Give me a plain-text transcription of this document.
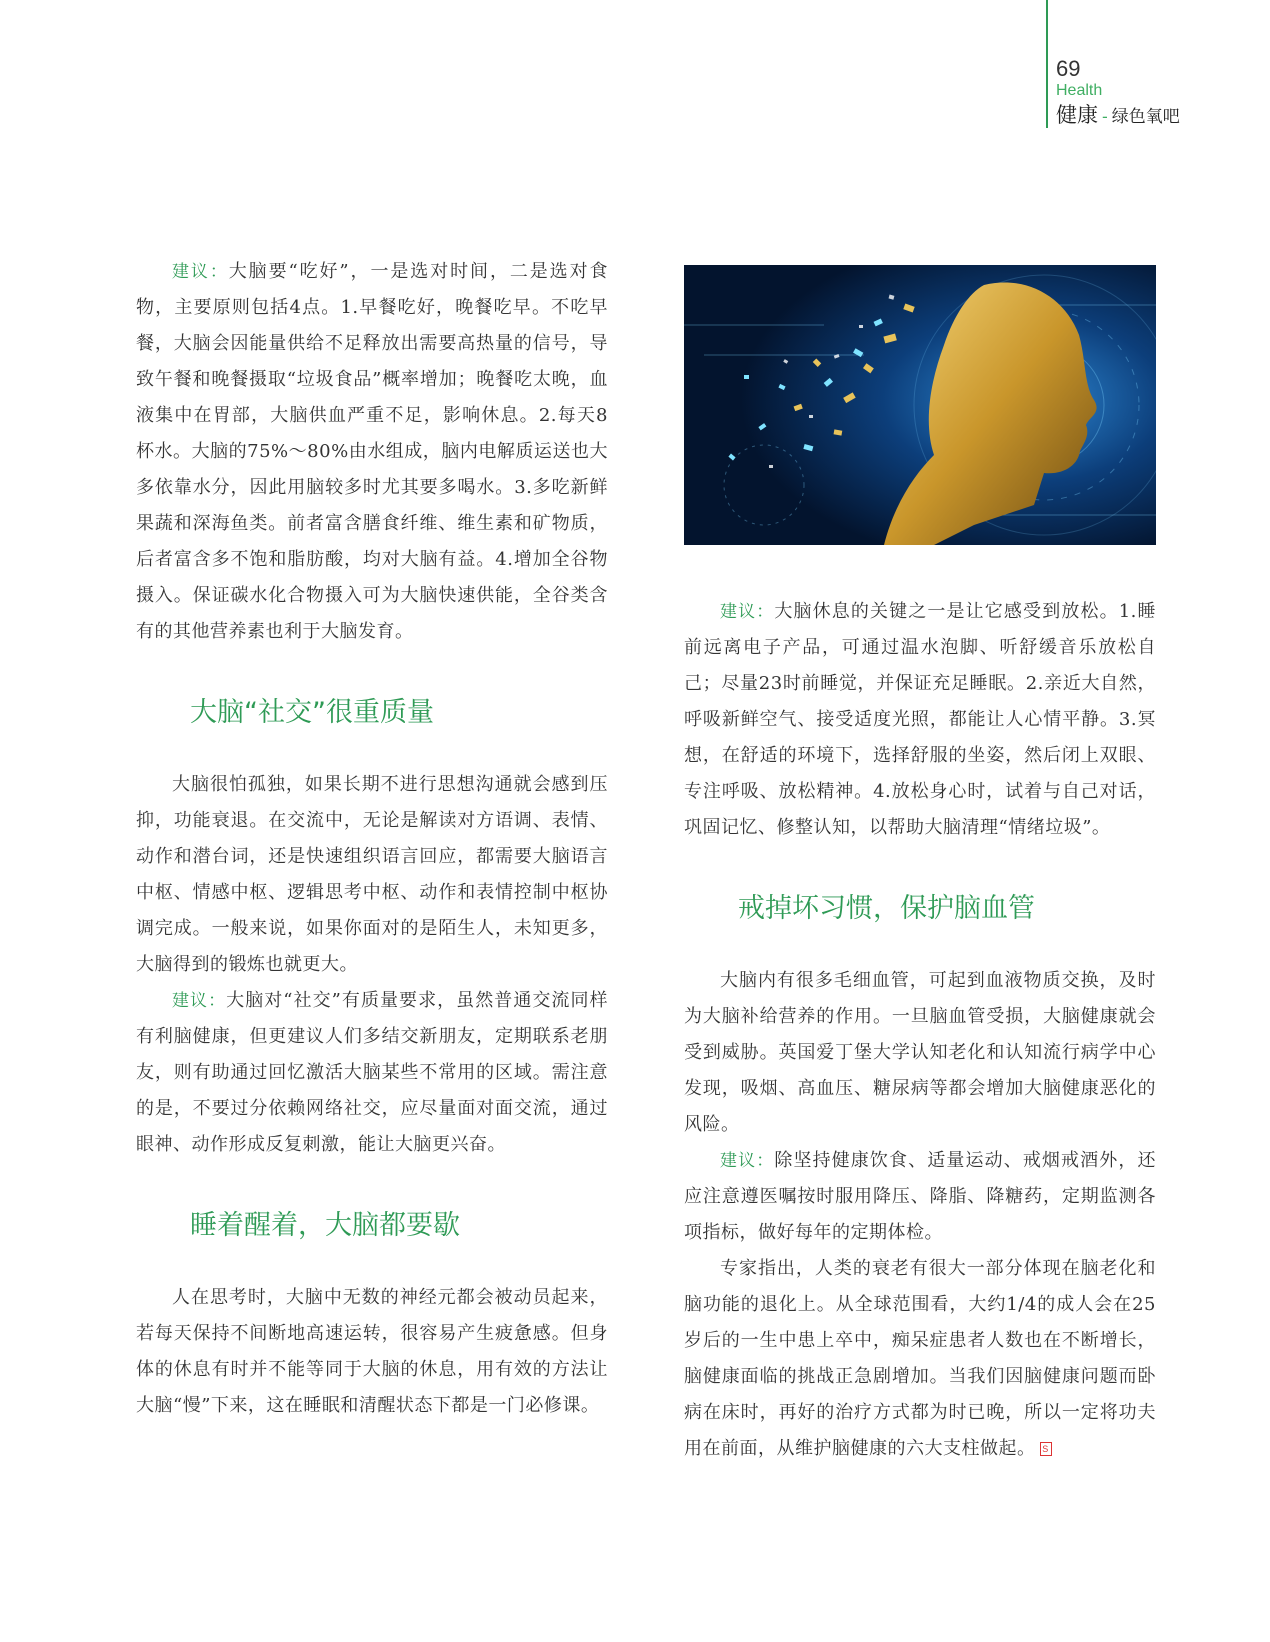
69
Health
健康 - 绿色氧吧

建议：大脑要“吃好”，一是选对时间，二是选对食物，主要原则包括4点。1.早餐吃好，晚餐吃早。不吃早餐，大脑会因能量供给不足释放出需要高热量的信号，导致午餐和晚餐摄取“垃圾食品”概率增加；晚餐吃太晚，血液集中在胃部，大脑供血严重不足，影响休息。2.每天8杯水。大脑的75%～80%由水组成，脑内电解质运送也大多依靠水分，因此用脑较多时尤其要多喝水。3.多吃新鲜果蔬和深海鱼类。前者富含膳食纤维、维生素和矿物质，后者富含多不饱和脂肪酸，均对大脑有益。4.增加全谷物摄入。保证碳水化合物摄入可为大脑快速供能，全谷类含有的其他营养素也利于大脑发育。

大脑“社交”很重质量

大脑很怕孤独，如果长期不进行思想沟通就会感到压抑，功能衰退。在交流中，无论是解读对方语调、表情、动作和潜台词，还是快速组织语言回应，都需要大脑语言中枢、情感中枢、逻辑思考中枢、动作和表情控制中枢协调完成。一般来说，如果你面对的是陌生人，未知更多，大脑得到的锻炼也就更大。

建议：大脑对“社交”有质量要求，虽然普通交流同样有利脑健康，但更建议人们多结交新朋友，定期联系老朋友，则有助通过回忆激活大脑某些不常用的区域。需注意的是，不要过分依赖网络社交，应尽量面对面交流，通过眼神、动作形成反复刺激，能让大脑更兴奋。

睡着醒着，大脑都要歇

人在思考时，大脑中无数的神经元都会被动员起来，若每天保持不间断地高速运转，很容易产生疲惫感。但身体的休息有时并不能等同于大脑的休息，用有效的方法让大脑“慢”下来，这在睡眠和清醒状态下都是一门必修课。

建议：大脑休息的关键之一是让它感受到放松。1.睡前远离电子产品，可通过温水泡脚、听舒缓音乐放松自己；尽量23时前睡觉，并保证充足睡眠。2.亲近大自然，呼吸新鲜空气、接受适度光照，都能让人心情平静。3.冥想，在舒适的环境下，选择舒服的坐姿，然后闭上双眼、专注呼吸、放松精神。4.放松身心时，试着与自己对话，巩固记忆、修整认知，以帮助大脑清理“情绪垃圾”。

戒掉坏习惯，保护脑血管

大脑内有很多毛细血管，可起到血液物质交换，及时为大脑补给营养的作用。一旦脑血管受损，大脑健康就会受到威胁。英国爱丁堡大学认知老化和认知流行病学中心发现，吸烟、高血压、糖尿病等都会增加大脑健康恶化的风险。

建议：除坚持健康饮食、适量运动、戒烟戒酒外，还应注意遵医嘱按时服用降压、降脂、降糖药，定期监测各项指标，做好每年的定期体检。

专家指出，人类的衰老有很大一部分体现在脑老化和脑功能的退化上。从全球范围看，大约1/4的成人会在25岁后的一生中患上卒中，痴呆症患者人数也在不断增长，脑健康面临的挑战正急剧增加。当我们因脑健康问题而卧病在床时，再好的治疗方式都为时已晚，所以一定将功夫用在前面，从维护脑健康的六大支柱做起。 S
